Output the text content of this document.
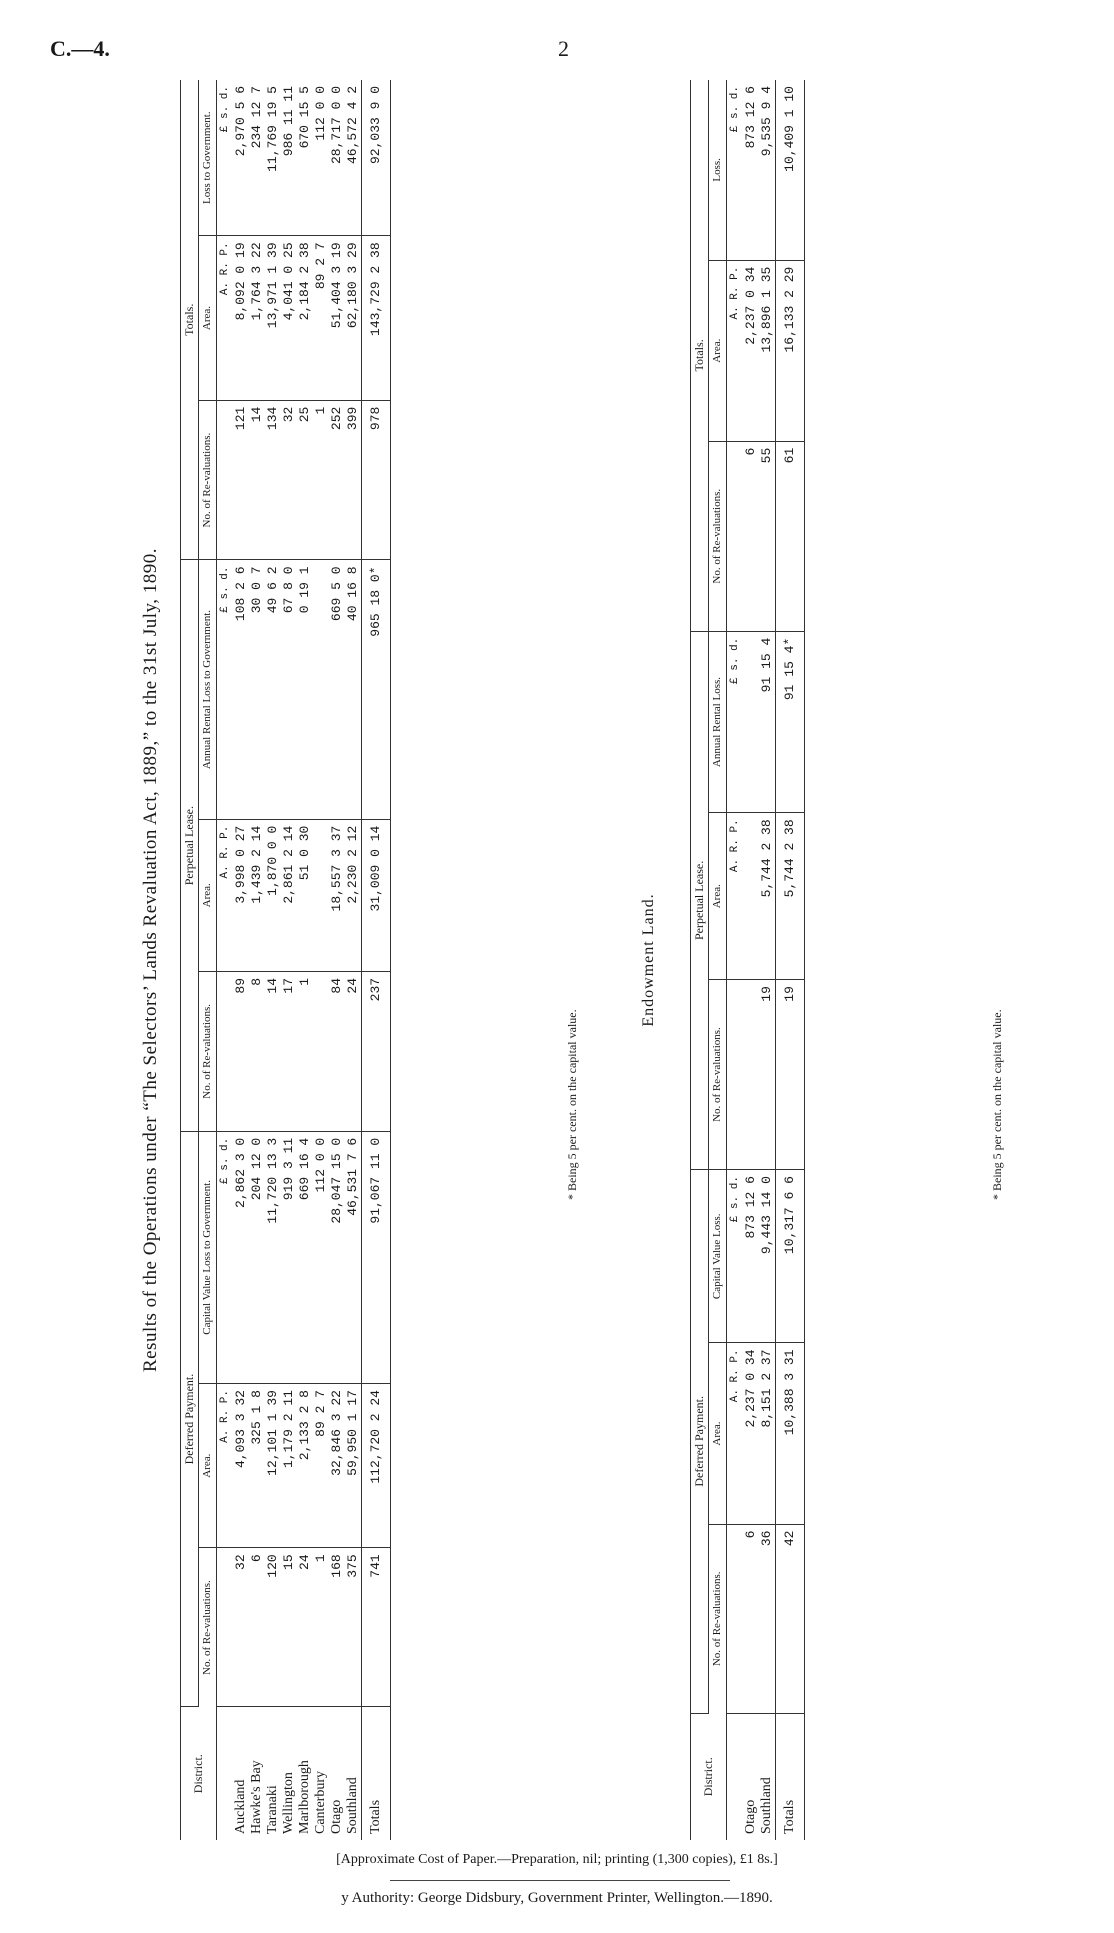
C.—4.	2
Results of the Operations under “The Selectors’ Lands Revaluation Act, 1889,” to the 31st July, 1890.
District.	Deferred Payment.			Perpetual Lease.			Totals.		
	No. of Re-valuations.	Area.	Capital Value Loss to Government.	No. of Re-valuations.	Area.	Annual Rental Loss to Government.	No. of Re-valuations.	Area.	Loss to Government.
		A. R. P.	£ s. d.		A. R. P.	£ s. d.		A. R. P.	£ s. d.
Auckland	32	4,093 3 32	2,862 3 0	89	3,998 0 27	108 2 6	121	8,092 0 19	2,970 5 6
Hawke's Bay	6	325 1 8	204 12 0	8	1,439 2 14	30 0 7	14	1,764 3 22	234 12 7
Taranaki	120	12,101 1 39	11,720 13 3	14	1,870 0 0	49 6 2	134	13,971 1 39	11,769 19 5
Wellington	15	1,179 2 11	919 3 11	17	2,861 2 14	67 8 0	32	4,041 0 25	986 11 11
Marlborough	24	2,133 2 8	669 16 4	1	51 0 30	0 19 1	25	2,184 2 38	670 15 5
Canterbury	1	89 2 7	112 0 0				1	89 2 7	112 0 0
Otago	168	32,846 3 22	28,047 15 0	84	18,557 3 37	669 5 0	252	51,404 3 19	28,717 0 0
Southland	375	59,950 1 17	46,531 7 6	24	2,230 2 12	40 16 8	399	62,180 3 29	46,572 4 2
Totals	741	112,720 2 24	91,067 11 0	237	31,009 0 14	965 18 0*	978	143,729 2 38	92,033 9 0
* Being 5 per cent. on the capital value.
Endowment Land.
District.	Deferred Payment.			Perpetual Lease.			Totals.		
	No. of Re-valuations.	Area.	Capital Value Loss.	No. of Re-valuations.	Area.	Annual Rental Loss.	No. of Re-valuations.	Area.	Loss.
		A. R. P.	£ s. d.		A. R. P.	£ s. d.		A. R. P.	£ s. d.
Otago	6	2,237 0 34	873 12 6				6	2,237 0 34	873 12 6
Southland	36	8,151 2 37	9,443 14 0	19	5,744 2 38	91 15 4	55	13,896 1 35	9,535 9 4
Totals	42	10,388 3 31	10,317 6 6	19	5,744 2 38	91 15 4*	61	16,133 2 29	10,409 1 10
* Being 5 per cent. on the capital value.
[Approximate Cost of Paper.—Preparation, nil; printing (1,300 copies), £1 8s.]
y Authority: George Didsbury, Government Printer, Wellington.—1890.
